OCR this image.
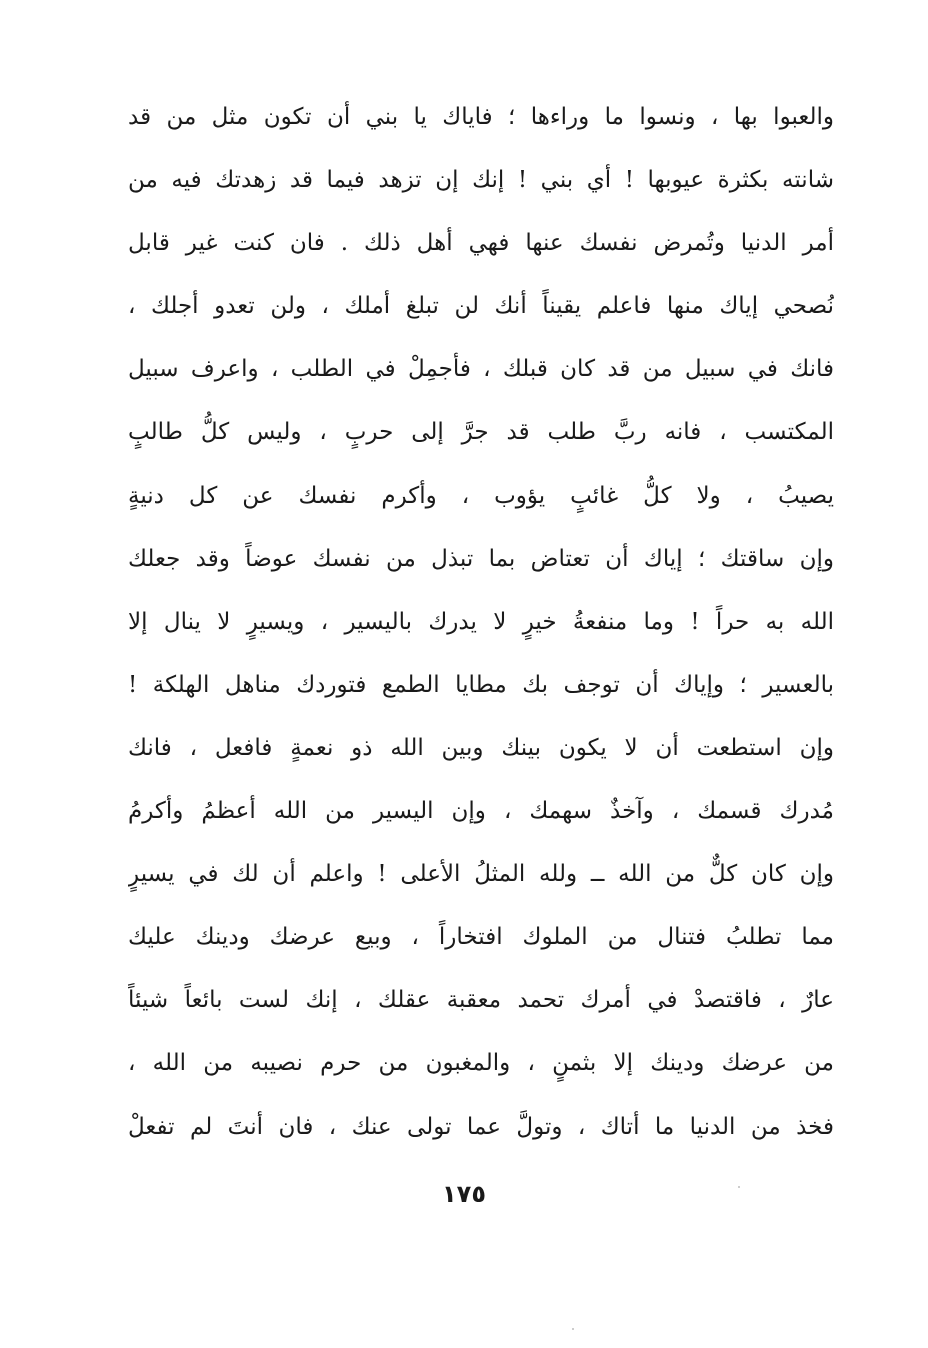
والعبوا بها ، ونسوا ما وراءها ؛ فاياك يا بني أن تكون مثل من قد
شانته بكثرة عيوبها ! أي بني ! إنك إن تزهد فيما قد زهدتك فيه من
أمر الدنيا وتُمرض نفسك عنها فهي أهل ذلك . فان كنت غير قابل
نُصحي إياك منها فاعلم يقيناً أنك لن تبلغ أملك ، ولن تعدو أجلك ،
فانك في سبيل من قد كان قبلك ، فأجمِلْ في الطلب ، واعرف سبيل
المكتسب ، فانه ربَّ طلب قد جرَّ إلى حربٍ ، وليس كلُّ طالبٍ
يصيبُ ، ولا كلُّ غائبٍ يؤوب ، وأكرم نفسك عن كل دنيةٍ
وإن ساقتك ؛ إياك أن تعتاض بما تبذل من نفسك عوضاً وقد جعلك
الله به حراً ! وما منفعةُ خيرٍ لا يدرك باليسير ، ويسيرٍ لا ينال إلا
بالعسير ؛ وإياك أن توجف بك مطايا الطمع فتوردك مناهل الهلكة !
وإن استطعت أن لا يكون بينك وبين الله ذو نعمةٍ فافعل ، فانك
مُدرك قسمك ، وآخذٌ سهمك ، وإن اليسير من الله أعظمُ وأكرمُ
وإن كان كلٌّ من الله ــ ولله المثلُ الأعلى ! واعلم أن لك في يسيرٍ
مما تطلبُ فتنال من الملوك افتخاراً ، وبيع عرضك ودينك عليك
عارٌ ، فاقتصدْ في أمرك تحمد معقبة عقلك ، إنك لست بائعاً شيئاً
من عرضك ودينك إلا بثمنٍ ، والمغبون من حرم نصيبه من الله ،
فخذ من الدنيا ما أتاك ، وتولَّ عما تولى عنك ، فان أنتَ لم تفعلْ
١٧٥
